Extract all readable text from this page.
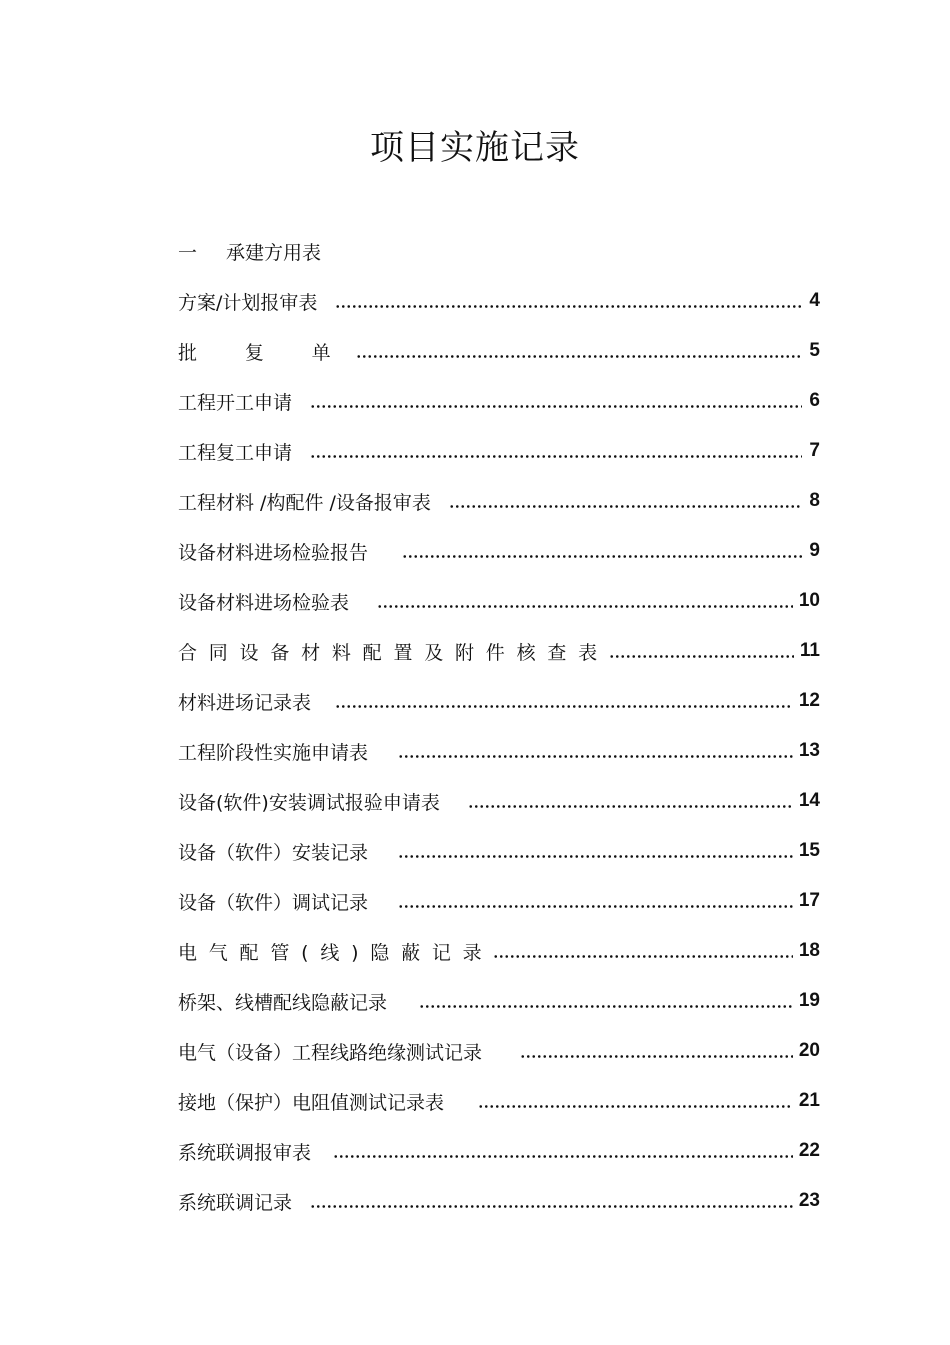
项目实施记录
一 承建方用表
方案/计划报审表	4
批 复 单	5
工程开工申请	6
工程复工申请	7
工程材料 /构配件 /设备报审表	8
设备材料进场检验报告	9
设备材料进场检验表	10
合同设备材料配置及附件核查表	11
材料进场记录表	12
工程阶段性实施申请表	13
设备(软件)安装调试报验申请表	14
设备（软件）安装记录	15
设备（软件）调试记录	17
电气配管(线)隐蔽记录	18
桥架、线槽配线隐蔽记录	19
电气（设备）工程线路绝缘测试记录	20
接地（保护）电阻值测试记录表	21
系统联调报审表	22
系统联调记录	23
